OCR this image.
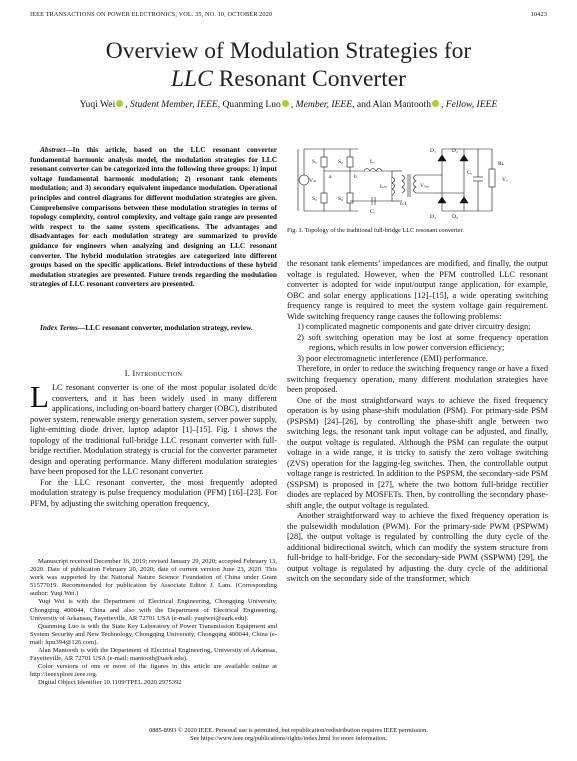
IEEE TRANSACTIONS ON POWER ELECTRONICS, VOL. 35, NO. 10, OCTOBER 2020	10423
Overview of Modulation Strategies for
LLC Resonant Converter
Yuqi Wei , Student Member, IEEE, Quanming Luo , Member, IEEE, and Alan Mantooth , Fellow, IEEE
Abstract—In this article, based on the LLC resonant converter fundamental harmonic analysis model, the modulation strategies for LLC resonant converter can be categorized into the following three groups: 1) input voltage fundamental harmonic modulation; 2) resonant tank elements modulation; and 3) secondary equivalent impedance modulation. Operational principles and control diagrams for different modulation strategies are given. Comprehensive comparisons between these modulation strategies in terms of topology complexity, control complexity, and voltage gain range are presented with respect to the same system specifications. The advantages and disadvantages for each modulation strategy are summarized to provide guidance for engineers when analyzing and designing an LLC resonant converter. The hybrid modulation strategies are categorized into different groups based on the specific applications. Brief introductions of these hybrid modulation strategies are presented. Future trends regarding the modulation strategies of LLC resonant converters are presented.
Index Terms—LLC resonant converter, modulation strategy, review.
I. Introduction

LLC resonant converter is one of the most popular isolated dc/dc converters, and it has been widely used in many different applications, including on-board battery charger (OBC), distributed power system, renewable energy generation system, server power supply, light-emitting diode driver, laptop adaptor [1]–[15]. Fig. 1 shows the topology of the traditional full-bridge LLC resonant converter with full-bridge rectifier. Modulation strategy is crucial for the converter parameter design and operating performance. Many different modulation strategies have been proposed for the LLC resonant converter.

For the LLC resonant converter, the most frequently adopted modulation strategy is pulse frequency modulation (PFM) [16]–[23]. For PFM, by adjusting the switching operation frequency,

Manuscript received December 16, 2019; revised January 29, 2020; accepted February 13, 2020. Date of publication February 20, 2020; date of current version June 23, 2020. This work was supported by the National Nature Science Foundation of China under Grant 51577019. Recommended for publication by Associate Editor J. Lam. (Corresponding author: Yuqi Wei.)

Yuqi Wei is with the Department of Electrical Engineering, Chongqing University, Chongqing 400044, China and also with the Department of Electrical Engineering, University of Arkansas, Fayetteville, AR 72701 USA (e-mail: yuqiwei@uark.edu).

Quanming Luo is with the State Key Laboratory of Power Transmission Equipment and System Security and New Technology, Chongqing University, Chongqing 400044, China (e-mail: lqm394@126.com).

Alan Mantooth is with the Department of Electrical Engineering, University of Arkansas, Fayetteville, AR 72701 USA (e-mail: mantooth@uark.edu).

Color versions of one or more of the figures in this article are available online at http://ieeexplore.ieee.org.

Digital Object Identifier 10.1109/TPEL.2020.2975392

Vᵢₙ
S₁
S₃
a
S₂
S₄
b
Lᵣ
Cᵣ
Lₘ
n:1
Vₛₑ꜀
D₁	D₂
D₃	D₄
Cₒ
Rʟ
Vₒ
Fig. 1. Topology of the traditional full-bridge LLC resonant converter.

the resonant tank elements’ impedances are modified, and finally, the output voltage is regulated. However, when the PFM controlled LLC resonant converter is adopted for wide input/output range application, for example, OBC and solar energy applications [12]–[15], a wide operating switching frequency range is required to meet the system voltage gain requirement. Wide switching frequency range causes the following problems:

1) complicated magnetic components and gate driver circuitry design;
2) soft switching operation may be lost at some frequency operation regions, which results in low power conversion efficiency;
3) poor electromagnetic interference (EMI) performance.

Therefore, in order to reduce the switching frequency range or have a fixed switching frequency operation, many different modulation strategies have been proposed.

One of the most straightforward ways to achieve the fixed frequency operation is by using phase-shift modulation (PSM). For primary-side PSM (PSPSM) [24]–[26], by controlling the phase-shift angle between two switching legs, the resonant tank input voltage can be adjusted, and finally, the output voltage is regulated. Although the PSM can regulate the output voltage in a wide range, it is tricky to satisfy the zero voltage switching (ZVS) operation for the lagging-leg switches. Then, the controllable output voltage range is restricted. In addition to the PSPSM, the secondary-side PSM (SSPSM) is proposed in [27], where the two bottom full-bridge rectifier diodes are replaced by MOSFETs. Then, by controlling the secondary phase-shift angle, the output voltage is regulated.

Another straightforward way to achieve the fixed frequency operation is the pulsewidth modulation (PWM). For the primary-side PWM (PSPWM) [28], the output voltage is regulated by controlling the duty cycle of the additional bidirectional switch, which can modify the system structure from full-bridge to half-bridge. For the secondary-side PWM (SSPWM) [29], the output voltage is regulated by adjusting the duty cycle of the additional switch on the secondary side of the transformer, which

0885-8993 © 2020 IEEE. Personal use is permitted, but republication/redistribution requires IEEE permission.
See https://www.ieee.org/publications/rights/index.html for more information.
